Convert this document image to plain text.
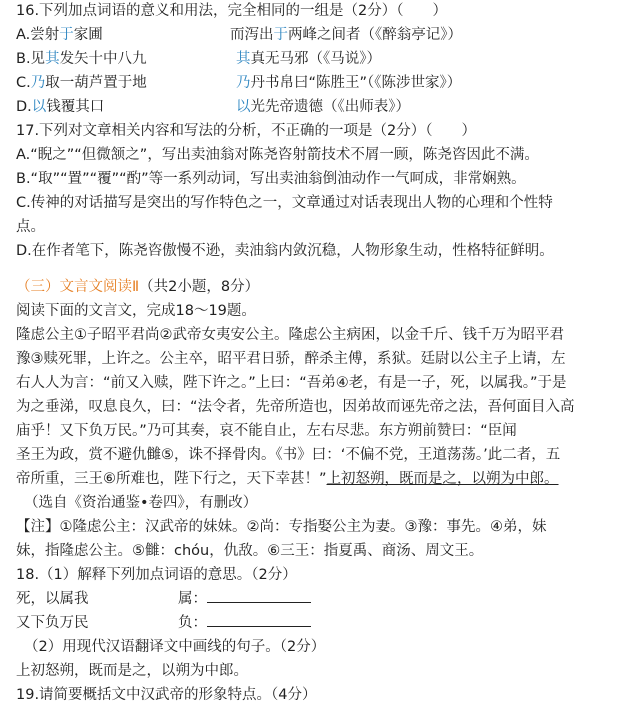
16.下列加点词语的意义和用法，完全相同的一组是（2分）（　　）
A.尝射于家圃	而泻出于两峰之间者（《醉翁亭记》）
B.见其发矢十中八九	其真无马邪（《马说》）
C.乃取一葫芦置于地	乃丹书帛曰“陈胜王”（《陈涉世家》）
D.以钱覆其口	以光先帝遗德（《出师表》）
17.下列对文章相关内容和写法的分析，不正确的一项是（2分）（　　）
A.“睨之”“但微颔之”，写出卖油翁对陈尧咨射箭技术不屑一顾，陈尧咨因此不满。
B.“取”“置”“覆”“酌”等一系列动词，写出卖油翁倒油动作一气呵成，非常娴熟。
C.传神的对话描写是突出的写作特色之一，文章通过对话表现出人物的心理和个性特
点。
D.在作者笔下，陈尧咨傲慢不逊，卖油翁内敛沉稳，人物形象生动，性格特征鲜明。
（三）文言文阅读Ⅱ（共2小题，8分）
阅读下面的文言文，完成18～19题。
隆虑公主①子昭平君尚②武帝女夷安公主。隆虑公主病困，以金千斤、钱千万为昭平君
豫③赎死罪，上许之。公主卒，昭平君日骄，醉杀主傅，系狱。廷尉以公主子上请，左
右人人为言：“前又入赎，陛下许之。”上曰：“吾弟④老，有是一子，死，以属我。”于是
为之垂涕，叹息良久，曰：“法令者，先帝所造也，因弟故而诬先帝之法，吾何面目入高
庙乎！又下负万民。”乃可其奏，哀不能自止，左右尽悲。东方朔前赞曰：“臣闻
圣王为政，赏不避仇雠⑤，诛不择骨肉。《书》曰：‘不偏不党，王道荡荡。’此二者，五
帝所重，三王⑥所难也，陛下行之，天下幸甚！”上初怒朔，既而是之，以朔为中郎。
（选自《资治通鉴•卷四》，有删改）
【注】①隆虑公主：汉武帝的妹妹。②尚：专指娶公主为妻。③豫：事先。④弟，妹
妹，指隆虑公主。⑤雠：chóu，仇敌。⑥三王：指夏禹、商汤、周文王。
18.（1）解释下列加点词语的意思。（2分）
死，以属我	属：
又下负万民	负：
（2）用现代汉语翻译文中画线的句子。（2分）
上初怒朔，既而是之，以朔为中郎。
19.请简要概括文中汉武帝的形象特点。（4分）
